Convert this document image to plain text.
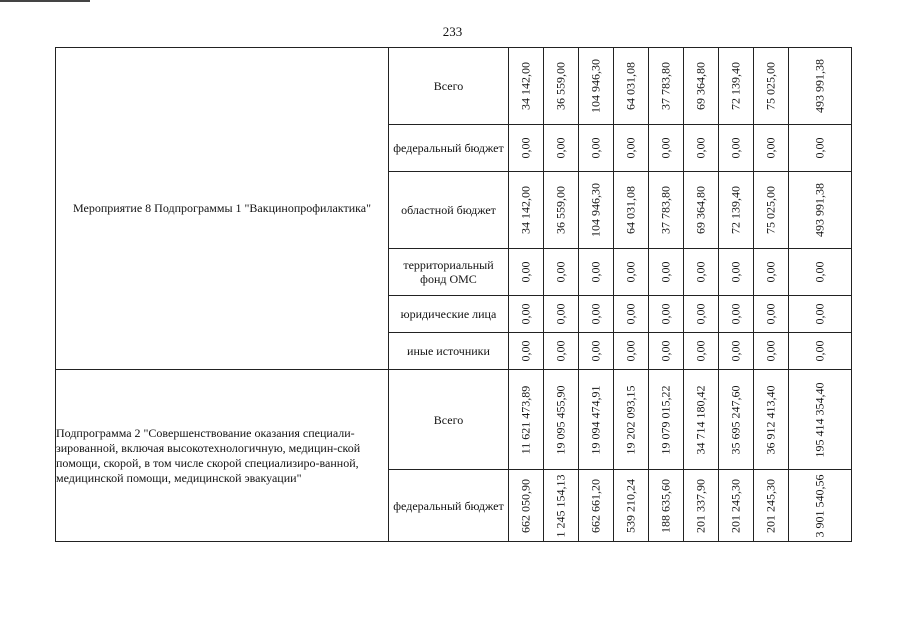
233
Мероприятие 8 Подпрограммы 1 "Вакцинопрофилактика"	Всего	34 142,00	36 559,00	104 946,30	64 031,08	37 783,80	69 364,80	72 139,40	75 025,00	493 991,38

	федеральный бюджет	0,00	0,00	0,00	0,00	0,00	0,00	0,00	0,00	0,00

	областной бюджет	34 142,00	36 559,00	104 946,30	64 031,08	37 783,80	69 364,80	72 139,40	75 025,00	493 991,38

	территориальный фонд ОМС	0,00	0,00	0,00	0,00	0,00	0,00	0,00	0,00	0,00

	юридические лица	0,00	0,00	0,00	0,00	0,00	0,00	0,00	0,00	0,00

	иные источники	0,00	0,00	0,00	0,00	0,00	0,00	0,00	0,00	0,00

Подпрограмма 2 "Совершенствование оказания специали-зированной, включая высокотехнологичную, медицин-ской помощи, скорой, в том числе скорой специализиро-ванной, медицинской помощи, медицинской эвакуации"	Всего	11 621 473,89	19 095 455,90	19 094 474,91	19 202 093,15	19 079 015,22	34 714 180,42	35 695 247,60	36 912 413,40	195 414 354,40

	федеральный бюджет	662 050,90	1 245 154,13	662 661,20	539 210,24	188 635,60	201 337,90	201 245,30	201 245,30	3 901 540,56
